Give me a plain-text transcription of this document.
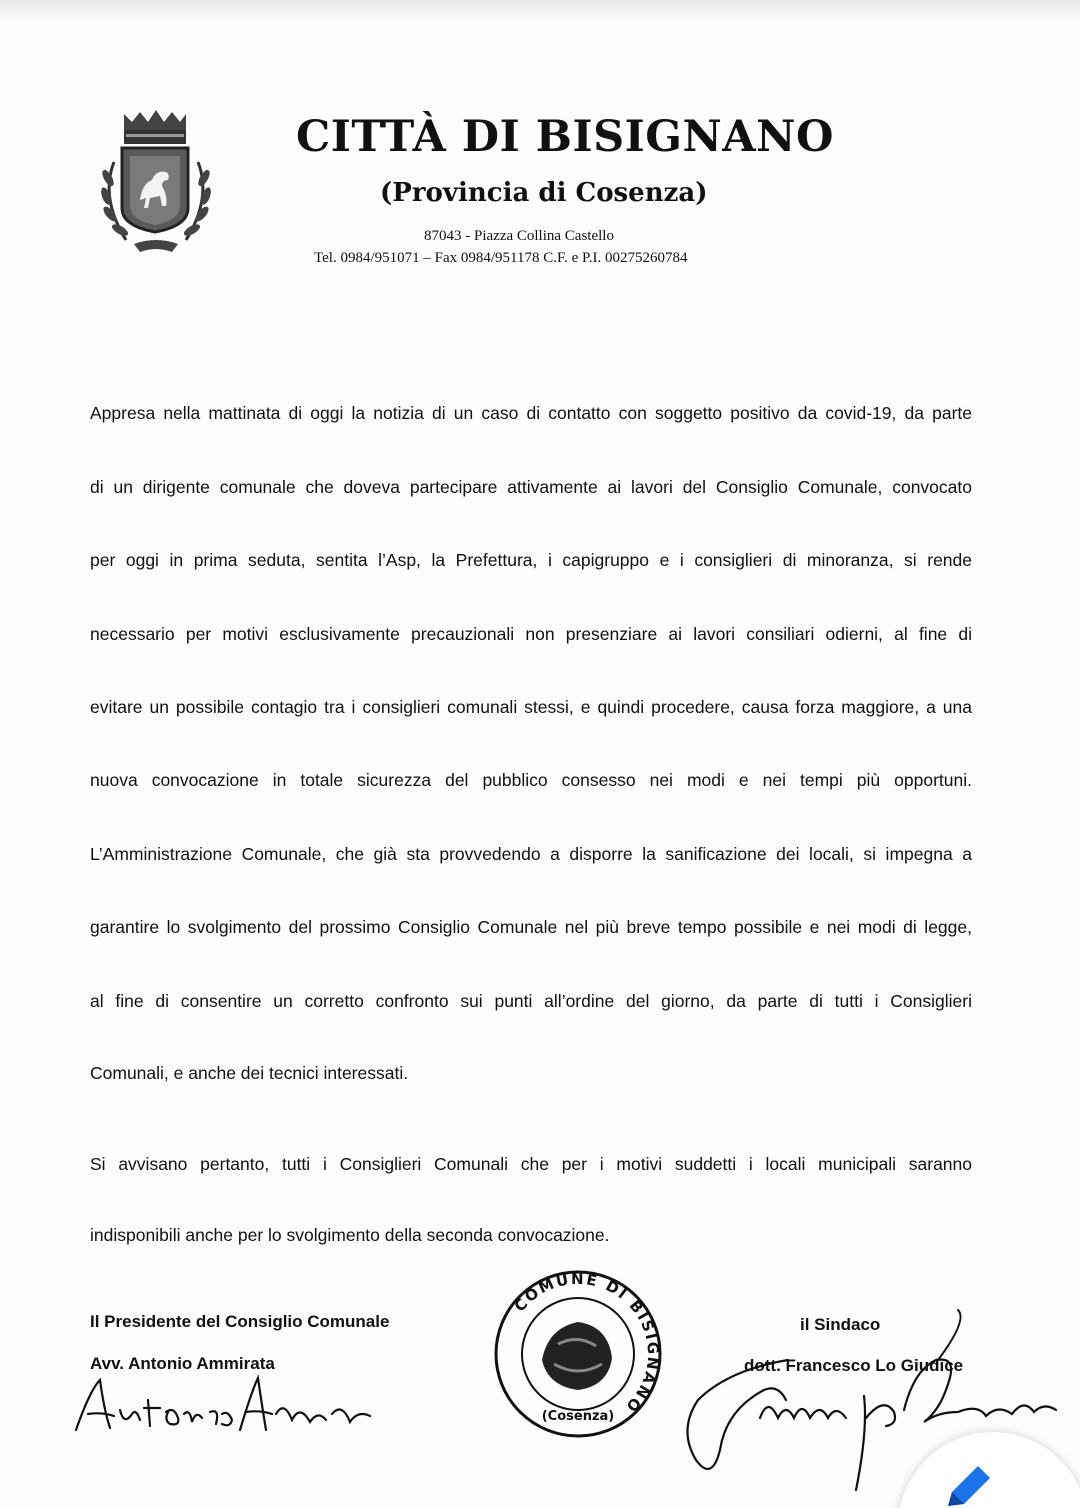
CITTÀ DI BISIGNANO
(Provincia di Cosenza)
87043 - Piazza Collina Castello
Tel. 0984/951071 – Fax 0984/951178 C.F. e P.I. 00275260784
Appresa nella mattinata di oggi la notizia di un caso di contatto con soggetto positivo da covid-19, da parte
di un dirigente comunale che doveva partecipare attivamente ai lavori del Consiglio Comunale, convocato
per oggi in prima seduta, sentita l’Asp, la Prefettura, i capigruppo e i consiglieri di minoranza, si rende
necessario per motivi esclusivamente precauzionali non presenziare ai lavori consiliari odierni, al fine di
evitare un possibile contagio tra i consiglieri comunali stessi, e quindi procedere, causa forza maggiore, a una
nuova convocazione in totale sicurezza del pubblico consesso nei modi e nei tempi più opportuni.
L’Amministrazione Comunale, che già sta provvedendo a disporre la sanificazione dei locali, si impegna a
garantire lo svolgimento del prossimo Consiglio Comunale nel più breve tempo possibile e nei modi di legge,
al fine di consentire un corretto confronto sui punti all’ordine del giorno, da parte di tutti i Consiglieri
Comunali, e anche dei tecnici interessati.
Si avvisano pertanto, tutti i Consiglieri Comunali che per i motivi suddetti i locali municipali saranno
indisponibili anche per lo svolgimento della seconda convocazione.
Il Presidente del Consiglio Comunale
Avv. Antonio Ammirata
COMUNE DI BISIGNANO
(Cosenza)
il Sindaco
dott. Francesco Lo Giudice
